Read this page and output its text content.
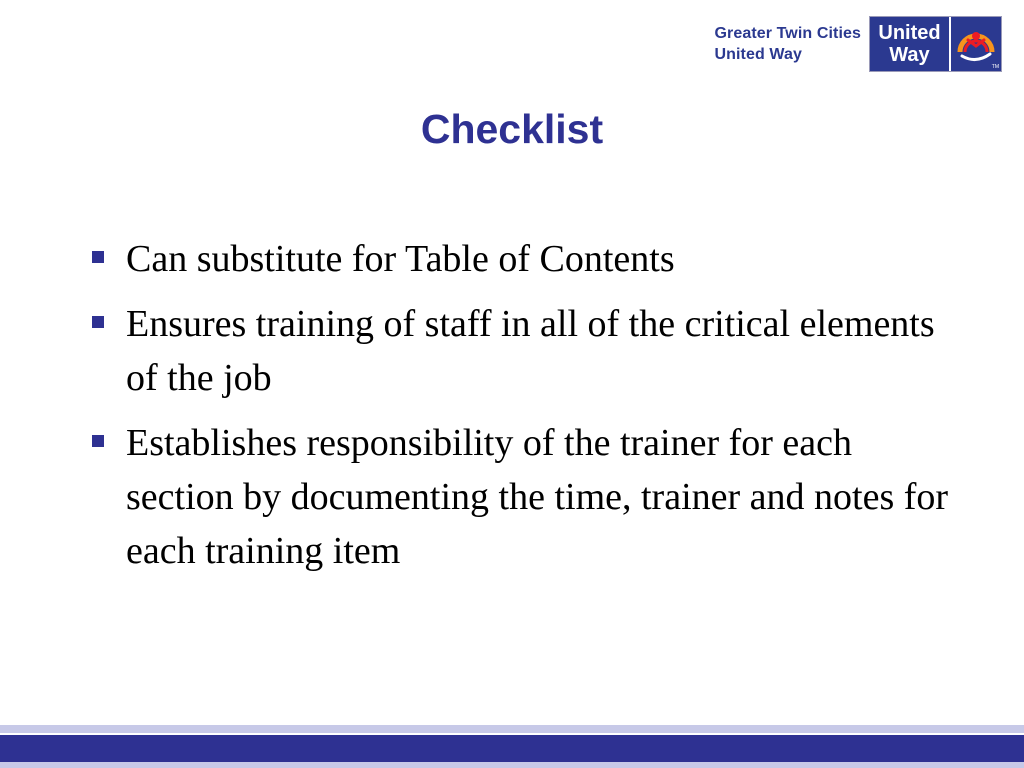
Greater Twin Cities
United Way
United
Way
TM
Checklist
Can substitute for Table of Contents
Ensures training of staff in all of the critical elements of the job
Establishes responsibility of the trainer for each section by documenting the time, trainer and notes for each training item
